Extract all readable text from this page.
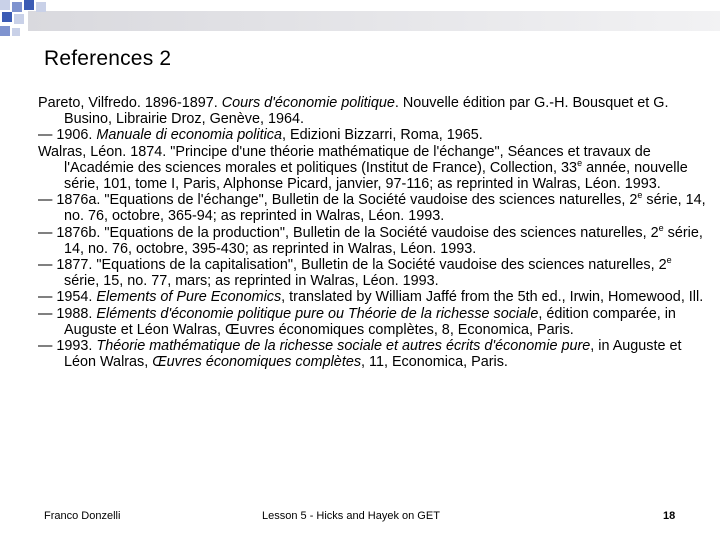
References 2

Pareto, Vilfredo. 1896-1897. Cours d'économie politique. Nouvelle édition par G.-H. Bousquet et G. Busino, Librairie Droz, Genève, 1964.

— 1906. Manuale di economia politica, Edizioni Bizzarri, Roma, 1965.

Walras, Léon. 1874. "Principe d'une théorie mathématique de l'échange", Séances et travaux de l'Académie des sciences morales et politiques (Institut de France), Collection, 33e année, nouvelle série, 101, tome I, Paris, Alphonse Picard, janvier, 97-116; as reprinted in Walras, Léon. 1993.

— 1876a. "Equations de l'échange", Bulletin de la Société vaudoise des sciences naturelles, 2e série, 14, no. 76, octobre, 365-94; as reprinted in Walras, Léon. 1993.

— 1876b. "Equations de la production", Bulletin de la Société vaudoise des sciences naturelles, 2e série, 14, no. 76, octobre, 395-430; as reprinted in Walras, Léon. 1993.

— 1877. "Equations de la capitalisation", Bulletin de la Société vaudoise des sciences naturelles, 2e série, 15, no. 77, mars; as reprinted in Walras, Léon. 1993.

— 1954. Elements of Pure Economics, translated by William Jaffé from the 5th ed., Irwin, Homewood, Ill.

— 1988. Eléments d'économie politique pure ou Théorie de la richesse sociale, édition comparée, in Auguste et Léon Walras, Œuvres économiques complètes, 8, Economica, Paris.

— 1993. Théorie mathématique de la richesse sociale et autres écrits d'économie pure, in Auguste et Léon Walras, Œuvres économiques complètes, 11, Economica, Paris.

Franco Donzelli	Lesson 5 - Hicks and Hayek on GET	18
